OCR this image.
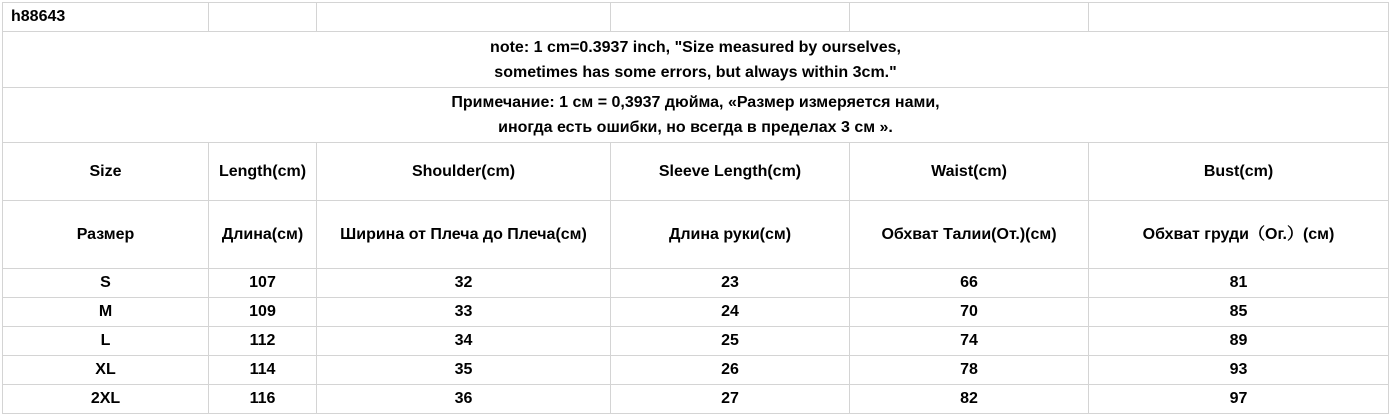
h88643					

note: 1 cm=0.3937 inch, "Size measured by ourselves,
sometimes has some errors, but always within 3cm."					

Примечание: 1 см = 0,3937 дюйма, «Размер измеряется нами,
иногда есть ошибки, но всегда в пределах 3 см ».					

Size	Length(cm)	Shoulder(cm)	Sleeve Length(cm)	Waist(cm)	Bust(cm)
Размер	Длина(см)	Ширина от Плеча до Плеча(см)	Длина руки(см)	Обхват Талии(От.)(см)	Обхват груди（Ог.）(см)
S	107	32	23	66	81
M	109	33	24	70	85
L	112	34	25	74	89
XL	114	35	26	78	93
2XL	116	36	27	82	97
